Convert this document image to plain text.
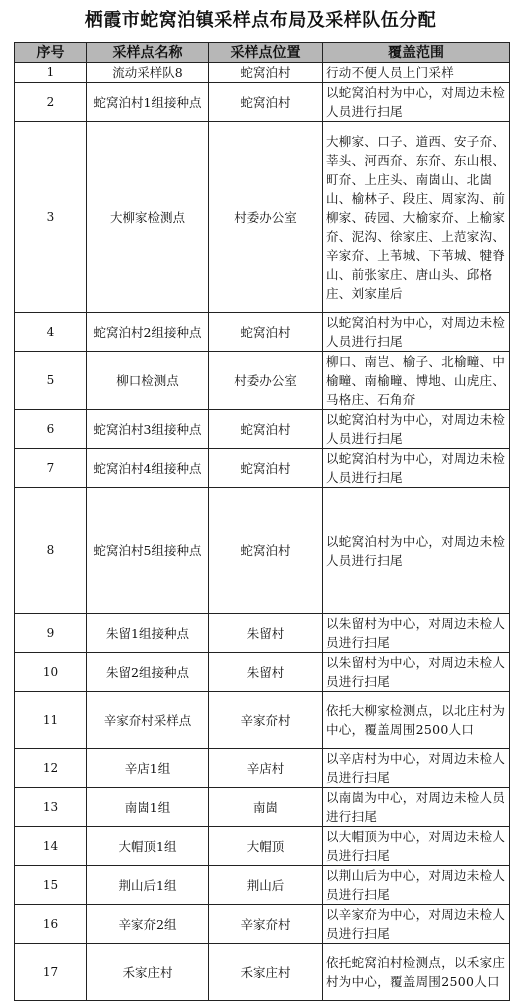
栖霞市蛇窝泊镇采样点布局及采样队伍分配
序号	采样点名称	采样点位置	覆盖范围
1	流动采样队8	蛇窝泊村	行动不便人员上门采样
2	蛇窝泊村1组接种点	蛇窝泊村	以蛇窝泊村为中心，对周边未检人员进行扫尾
3	大柳家检测点	村委办公室	大柳家、口子、道西、安子夼、莘头、河西夼、东夼、东山根、町夼、上庄头、南崮山、北崮山、榆林子、段庄、周家沟、前柳家、砖园、大榆家夼、上榆家夼、泥沟、徐家庄、上范家沟、辛家夼、上苇城、下苇城、犍脊山、前张家庄、唐山头、邱格庄、刘家崖后
4	蛇窝泊村2组接种点	蛇窝泊村	以蛇窝泊村为中心，对周边未检人员进行扫尾
5	柳口检测点	村委办公室	柳口、南岂、榆子、北榆疃、中榆疃、南榆疃、博地、山虎庄、马格庄、石角夼
6	蛇窝泊村3组接种点	蛇窝泊村	以蛇窝泊村为中心，对周边未检人员进行扫尾
7	蛇窝泊村4组接种点	蛇窝泊村	以蛇窝泊村为中心，对周边未检人员进行扫尾
8	蛇窝泊村5组接种点	蛇窝泊村	以蛇窝泊村为中心，对周边未检人员进行扫尾
9	朱留1组接种点	朱留村	以朱留村为中心，对周边未检人员进行扫尾
10	朱留2组接种点	朱留村	以朱留村为中心，对周边未检人员进行扫尾
11	辛家夼村采样点	辛家夼村	依托大柳家检测点，以北庄村为中心，覆盖周围2500人口
12	辛店1组	辛店村	以辛店村为中心，对周边未检人员进行扫尾
13	南崮1组	南崮	以南崮为中心，对周边未检人员进行扫尾
14	大帽顶1组	大帽顶	以大帽顶为中心，对周边未检人员进行扫尾
15	荆山后1组	荆山后	以荆山后为中心，对周边未检人员进行扫尾
16	辛家夼2组	辛家夼村	以辛家夼为中心，对周边未检人员进行扫尾
17	禾家庄村	禾家庄村	依托蛇窝泊村检测点，以禾家庄村为中心，覆盖周围2500人口
